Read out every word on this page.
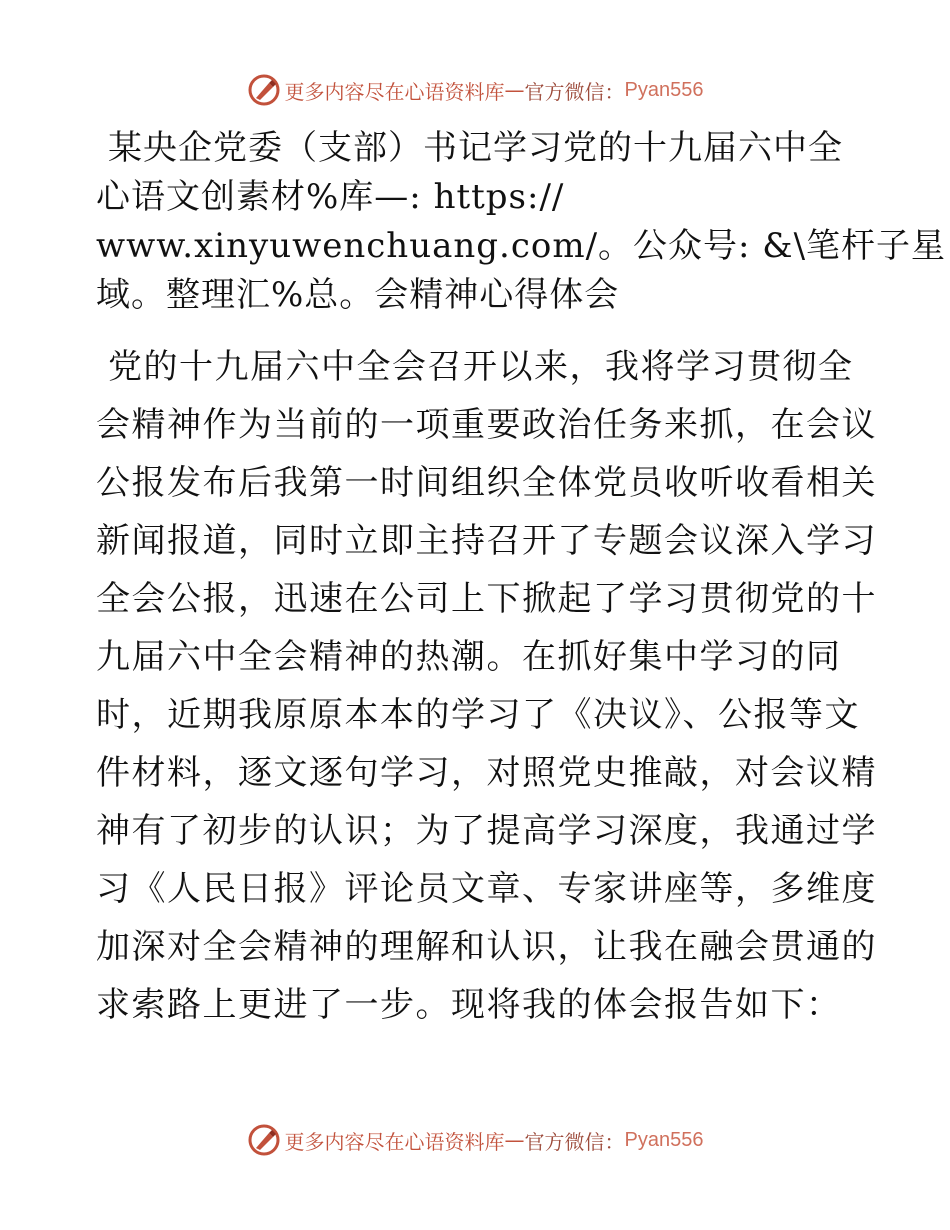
更多内容尽在心语资料库 — 官方微信： Pyan556
某央企党委（支部）书记学习党的十九届六中全
心语文创素材%库—: https://
www.xinyuwenchuang.com/。公众号: &\笔杆子星
域。整理汇%总。会精神心得体会
党的十九届六中全会召开以来，我将学习贯彻全
会精神作为当前的一项重要政治任务来抓，在会议
公报发布后我第一时间组织全体党员收听收看相关
新闻报道，同时立即主持召开了专题会议深入学习
全会公报，迅速在公司上下掀起了学习贯彻党的十
九届六中全会精神的热潮。在抓好集中学习的同
时，近期我原原本本的学习了《决议》、公报等文
件材料，逐文逐句学习，对照党史推敲，对会议精
神有了初步的认识；为了提高学习深度，我通过学
习《人民日报》评论员文章、专家讲座等，多维度
加深对全会精神的理解和认识，让我在融会贯通的
求索路上更进了一步。现将我的体会报告如下：
更多内容尽在心语资料库 — 官方微信： Pyan556
